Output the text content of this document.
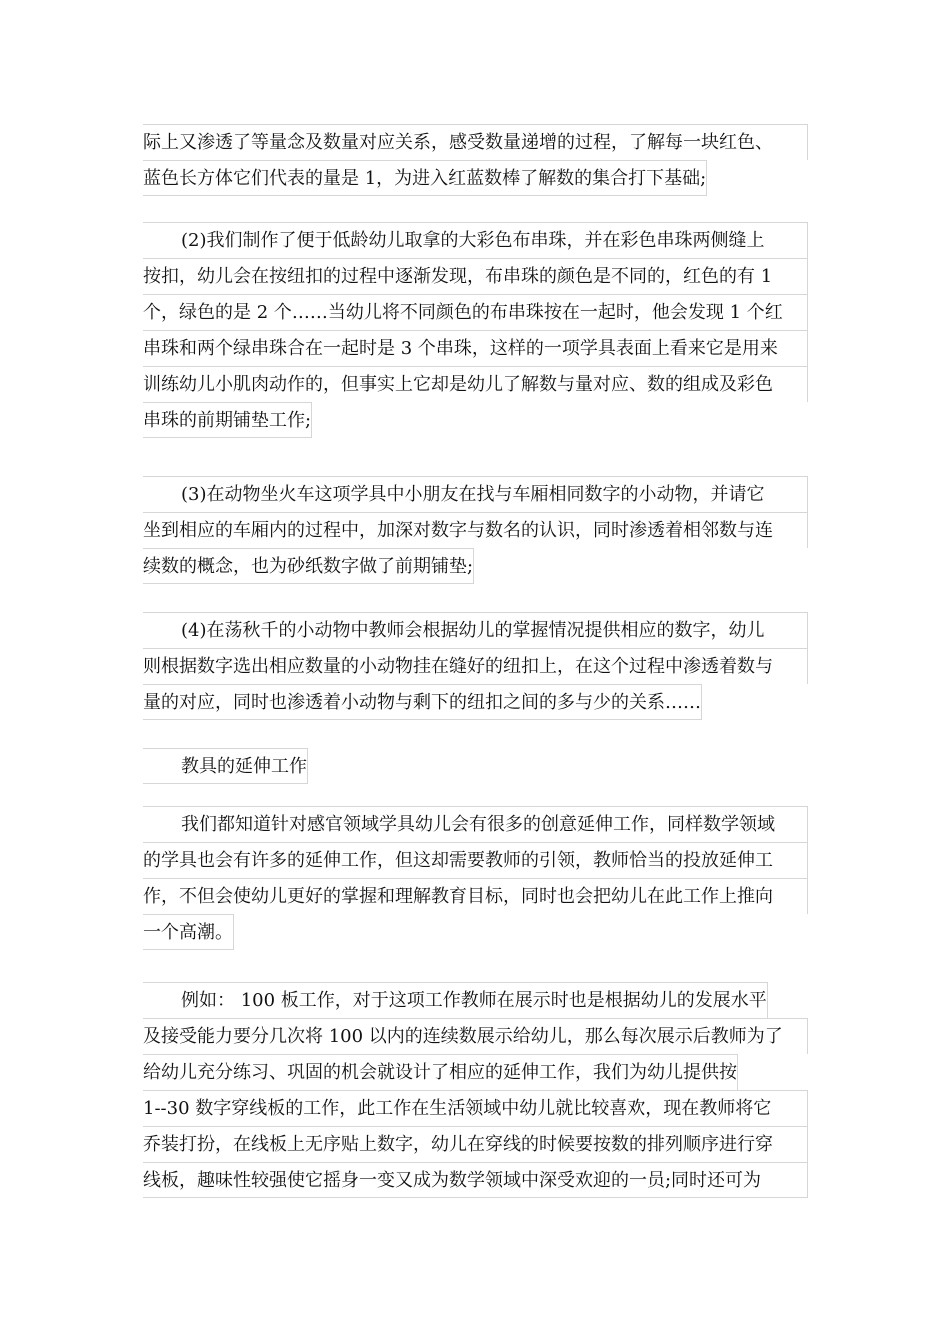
际上又渗透了等量念及数量对应关系，感受数量递增的过程，了解每一块红色、
蓝色长方体它们代表的量是 1，为进入红蓝数棒了解数的集合打下基础;
(2)我们制作了便于低龄幼儿取拿的大彩色布串珠，并在彩色串珠两侧缝上
按扣，幼儿会在按纽扣的过程中逐渐发现，布串珠的颜色是不同的，红色的有 1
个，绿色的是 2 个……当幼儿将不同颜色的布串珠按在一起时，他会发现 1 个红
串珠和两个绿串珠合在一起时是 3 个串珠，这样的一项学具表面上看来它是用来
训练幼儿小肌肉动作的，但事实上它却是幼儿了解数与量对应、数的组成及彩色
串珠的前期铺垫工作;
(3)在动物坐火车这项学具中小朋友在找与车厢相同数字的小动物，并请它
坐到相应的车厢内的过程中，加深对数字与数名的认识，同时渗透着相邻数与连
续数的概念，也为砂纸数字做了前期铺垫;
(4)在荡秋千的小动物中教师会根据幼儿的掌握情况提供相应的数字，幼儿
则根据数字选出相应数量的小动物挂在缝好的纽扣上，在这个过程中渗透着数与
量的对应，同时也渗透着小动物与剩下的纽扣之间的多与少的关系……
教具的延伸工作
我们都知道针对感官领域学具幼儿会有很多的创意延伸工作，同样数学领域
的学具也会有许多的延伸工作，但这却需要教师的引领，教师恰当的投放延伸工
作，不但会使幼儿更好的掌握和理解教育目标，同时也会把幼儿在此工作上推向
一个高潮。
例如： 100 板工作，对于这项工作教师在展示时也是根据幼儿的发展水平
及接受能力要分几次将 100 以内的连续数展示给幼儿，那么每次展示后教师为了
给幼儿充分练习、巩固的机会就设计了相应的延伸工作，我们为幼儿提供按
1--30 数字穿线板的工作，此工作在生活领域中幼儿就比较喜欢，现在教师将它
乔装打扮，在线板上无序贴上数字，幼儿在穿线的时候要按数的排列顺序进行穿
线板，趣味性较强使它摇身一变又成为数学领域中深受欢迎的一员;同时还可为
